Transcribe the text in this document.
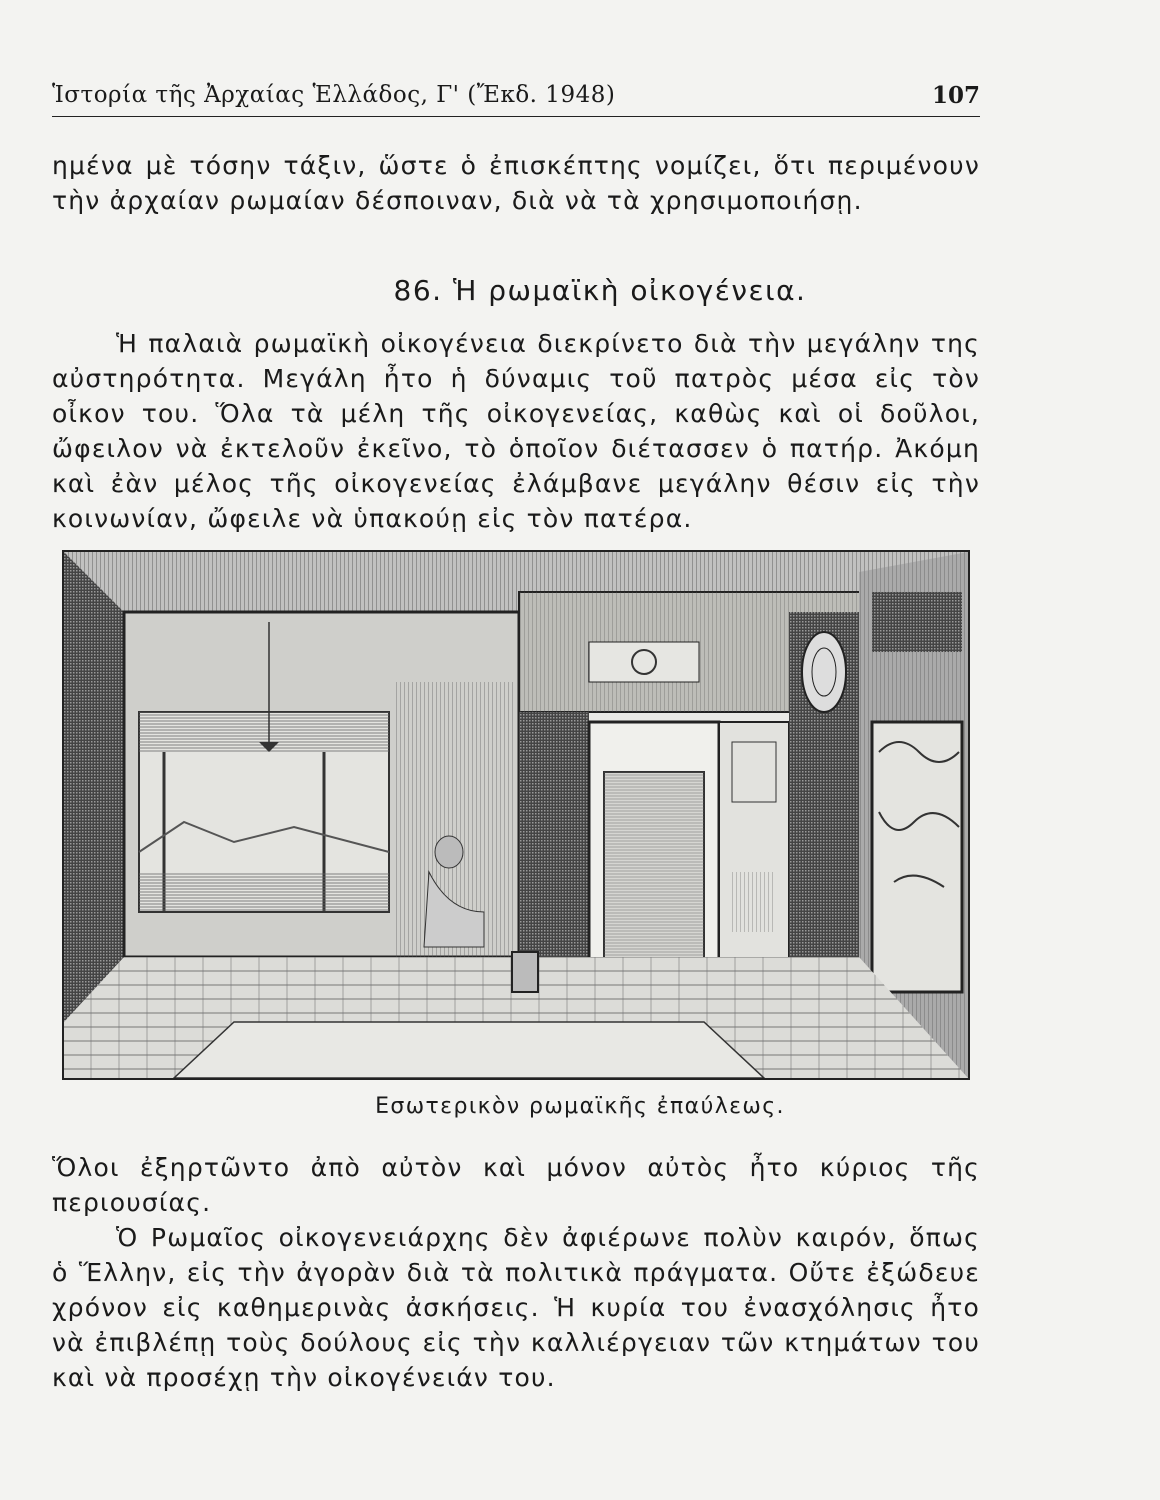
Ἱστορία τῆς Ἀρχαίας Ἑλλάδος, Γ' (Ἔκδ. 1948)	107

ημένα μὲ τόσην τάξιν, ὥστε ὁ ἐπισκέπτης νομίζει, ὅτι περιμένουν τὴν ἀρχαίαν ρωμαίαν δέσποιναν, διὰ νὰ τὰ χρησιμοποιήσῃ.

86. Ἡ ρωμαϊκὴ οἰκογένεια.

Ἡ παλαιὰ ρωμαϊκὴ οἰκογένεια διεκρίνετο διὰ τὴν μεγάλην της αὐστηρότητα. Μεγάλη ἦτο ἡ δύναμις τοῦ πατρὸς μέσα εἰς τὸν οἶκον του. Ὅλα τὰ μέλη τῆς οἰκογενείας, καθὼς καὶ οἱ δοῦλοι, ὤφειλον νὰ ἐκτελοῦν ἐκεῖνο, τὸ ὁποῖον διέτασσεν ὁ πατήρ. Ἀκόμη καὶ ἐὰν μέλος τῆς οἰκογενείας ἐλάμβανε μεγάλην θέσιν εἰς τὴν κοινωνίαν, ὤφειλε νὰ ὑπακούῃ εἰς τὸν πατέρα.

Εσωτερικὸν ρωμαϊκῆς ἐπαύλεως.

Ὅλοι ἐξηρτῶντο ἀπὸ αὐτὸν καὶ μόνον αὐτὸς ἦτο κύριος τῆς περιουσίας.

Ὁ Ρωμαῖος οἰκογενειάρχης δὲν ἀφιέρωνε πολὺν καιρόν, ὅπως ὁ Ἕλλην, εἰς τὴν ἀγορὰν διὰ τὰ πολιτικὰ πράγματα. Οὔτε ἐξώδευε χρόνον εἰς καθημερινὰς ἀσκήσεις. Ἡ κυρία του ἐνασχόλησις ἦτο νὰ ἐπιβλέπῃ τοὺς δούλους εἰς τὴν καλλιέργειαν τῶν κτημάτων του καὶ νὰ προσέχῃ τὴν οἰκογένειάν του.
